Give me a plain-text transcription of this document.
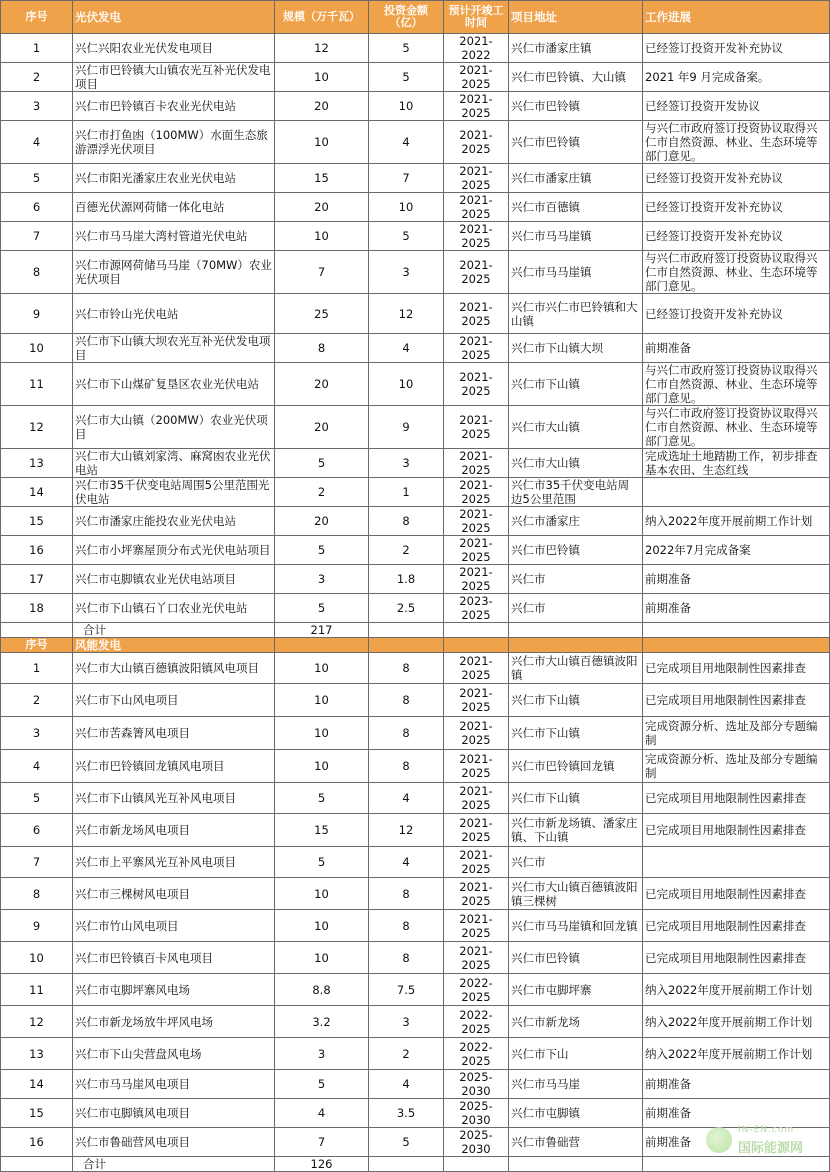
序号	光伏发电	规模（万千瓦）	投资金额（亿）	预计开竣工时间	项目地址	工作进展
1	兴仁兴阳农业光伏发电项目	12	5	2021-2022	兴仁市潘家庄镇	已经签订投资开发补充协议
2	兴仁市巴铃镇大山镇农光互补光伏发电项目	10	5	2021-2025	兴仁市巴铃镇、大山镇	2021 年9 月完成备案。
3	兴仁市巴铃镇百卡农业光伏电站	20	10	2021-2025	兴仁市巴铃镇	已经签订投资开发协议
4	兴仁市打鱼凼（100MW）水面生态旅游漂浮光伏项目	10	4	2021-2025	兴仁市巴铃镇	与兴仁市政府签订投资协议取得兴仁市自然资源、林业、生态环境等部门意见。
5	兴仁市阳光潘家庄农业光伏电站	15	7	2021-2025	兴仁市潘家庄镇	已经签订投资开发补充协议
6	百德光伏源网荷储一体化电站	20	10	2021-2025	兴仁市百德镇	已经签订投资开发补充协议
7	兴仁市马马崖大湾村管道光伏电站	10	5	2021-2025	兴仁市马马崖镇	已经签订投资开发补充协议
8	兴仁市源网荷储马马崖（70MW）农业光伏项目	7	3	2021-2025	兴仁市马马崖镇	与兴仁市政府签订投资协议取得兴仁市自然资源、林业、生态环境等部门意见。
9	兴仁市铃山光伏电站	25	12	2021-2025	兴仁市兴仁市巴铃镇和大山镇	已经签订投资开发补充协议
10	兴仁市下山镇大坝农光互补光伏发电项目	8	4	2021-2025	兴仁市下山镇大坝	前期准备
11	兴仁市下山煤矿复垦区农业光伏电站	20	10	2021-2025	兴仁市下山镇	与兴仁市政府签订投资协议取得兴仁市自然资源、林业、生态环境等部门意见。
12	兴仁市大山镇（200MW）农业光伏项目	20	9	2021-2025	兴仁市大山镇	与兴仁市政府签订投资协议取得兴仁市自然资源、林业、生态环境等部门意见。
13	兴仁市大山镇刘家湾、麻窝凼农业光伏电站	5	3	2021-2025	兴仁市大山镇	完成选址土地踏勘工作，初步排查基本农田、生态红线
14	兴仁市35千伏变电站周围5公里范围光伏电站	2	1	2021-2025	兴仁市35千伏变电站周边5公里范围	
15	兴仁市潘家庄能投农业光伏电站	20	8	2021-2025	兴仁市潘家庄	纳入2022年度开展前期工作计划
16	兴仁市小坪寨屋顶分布式光伏电站项目	5	2	2021-2025	兴仁市巴铃镇	2022年7月完成备案
17	兴仁市屯脚镇农业光伏电站项目	3	1.8	2021-2025	兴仁市	前期准备
18	兴仁市下山镇石丫口农业光伏电站	5	2.5	2023-2025	兴仁市	前期准备
	合计	217				
序号	风能发电					
1	兴仁市大山镇百德镇波阳镇风电项目	10	8	2021-2025	兴仁市大山镇百德镇波阳镇	已完成项目用地限制性因素排查
2	兴仁市下山风电项目	10	8	2021-2025	兴仁市下山镇	已完成项目用地限制性因素排查
3	兴仁市苦森箐风电项目	10	8	2021-2025	兴仁市下山镇	完成资源分析、选址及部分专题编制
4	兴仁市巴铃镇回龙镇风电项目	10	8	2021-2025	兴仁市巴铃镇回龙镇	完成资源分析、选址及部分专题编制
5	兴仁市下山镇风光互补风电项目	5	4	2021-2025	兴仁市下山镇	已完成项目用地限制性因素排查
6	兴仁市新龙场风电项目	15	12	2021-2025	兴仁市新龙场镇、潘家庄镇、下山镇	已完成项目用地限制性因素排查
7	兴仁市上平寨风光互补风电项目	5	4	2021-2025	兴仁市	
8	兴仁市三棵树风电项目	10	8	2021-2025	兴仁市大山镇百德镇波阳镇三棵树	已完成项目用地限制性因素排查
9	兴仁市竹山风电项目	10	8	2021-2025	兴仁市马马崖镇和回龙镇	已完成项目用地限制性因素排查
10	兴仁市巴铃镇百卡风电项目	10	8	2021-2025	兴仁市巴铃镇	已完成项目用地限制性因素排查
11	兴仁市屯脚坪寨风电场	8.8	7.5	2022-2025	兴仁市屯脚坪寨	纳入2022年度开展前期工作计划
12	兴仁市新龙场放牛坪风电场	3.2	3	2022-2025	兴仁市新龙场	纳入2022年度开展前期工作计划
13	兴仁市下山尖营盘风电场	3	2	2022-2025	兴仁市下山	纳入2022年度开展前期工作计划
14	兴仁市马马崖风电项目	5	4	2025-2030	兴仁市马马崖	前期准备
15	兴仁市屯脚镇风电项目	4	3.5	2025-2030	兴仁市屯脚镇	前期准备
16	兴仁市鲁础营风电项目	7	5	2025-2030	兴仁市鲁础营	前期准备
	合计	126				
IN-EN.com
国际能源网
